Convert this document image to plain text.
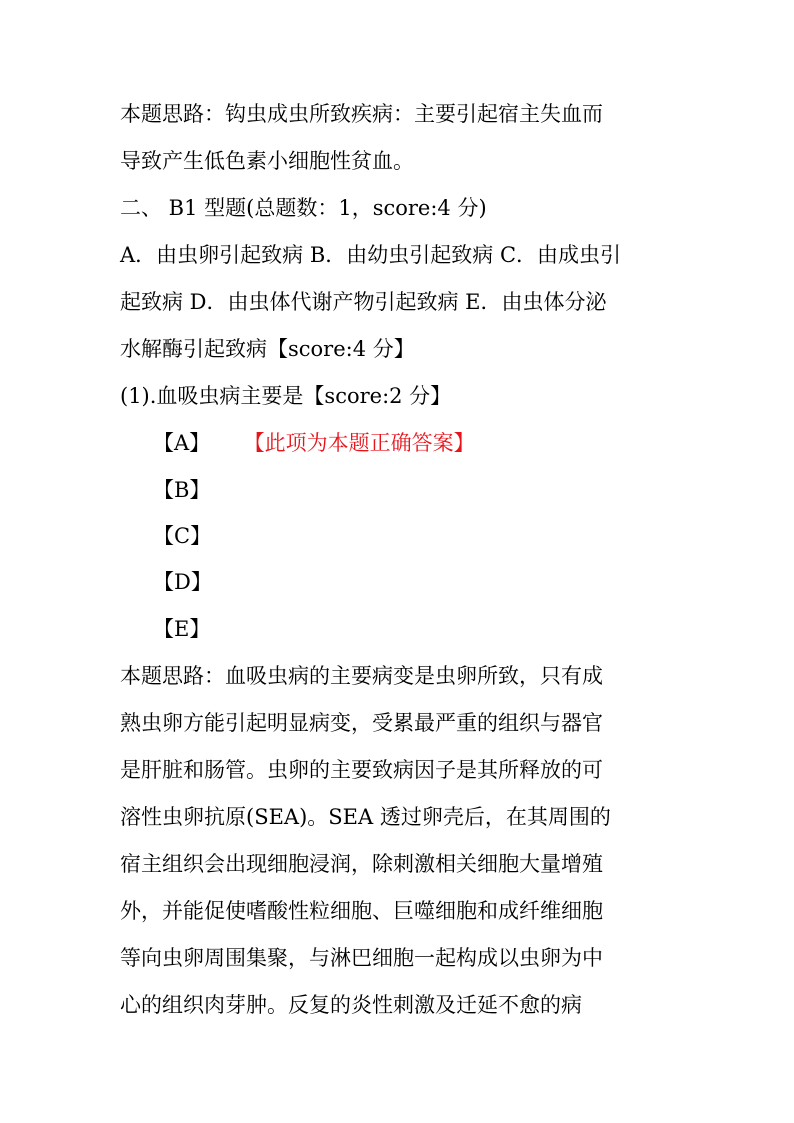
本题思路：钩虫成虫所致疾病：主要引起宿主失血而
导致产生低色素小细胞性贫血。
二、 B1 型题(总题数：1，score:4 分)
A．由虫卵引起致病 B．由幼虫引起致病 C．由成虫引
起致病 D．由虫体代谢产物引起致病 E．由虫体分泌
水解酶引起致病【score:4 分】
(1).血吸虫病主要是【score:2 分】
【A】 【此项为本题正确答案】
【B】
【C】
【D】
【E】
本题思路：血吸虫病的主要病变是虫卵所致，只有成
熟虫卵方能引起明显病变，受累最严重的组织与器官
是肝脏和肠管。虫卵的主要致病因子是其所释放的可
溶性虫卵抗原(SEA)。SEA 透过卵壳后，在其周围的
宿主组织会出现细胞浸润，除刺激相关细胞大量增殖
外，并能促使嗜酸性粒细胞、巨噬细胞和成纤维细胞
等向虫卵周围集聚，与淋巴细胞一起构成以虫卵为中
心的组织肉芽肿。反复的炎性刺激及迁延不愈的病
